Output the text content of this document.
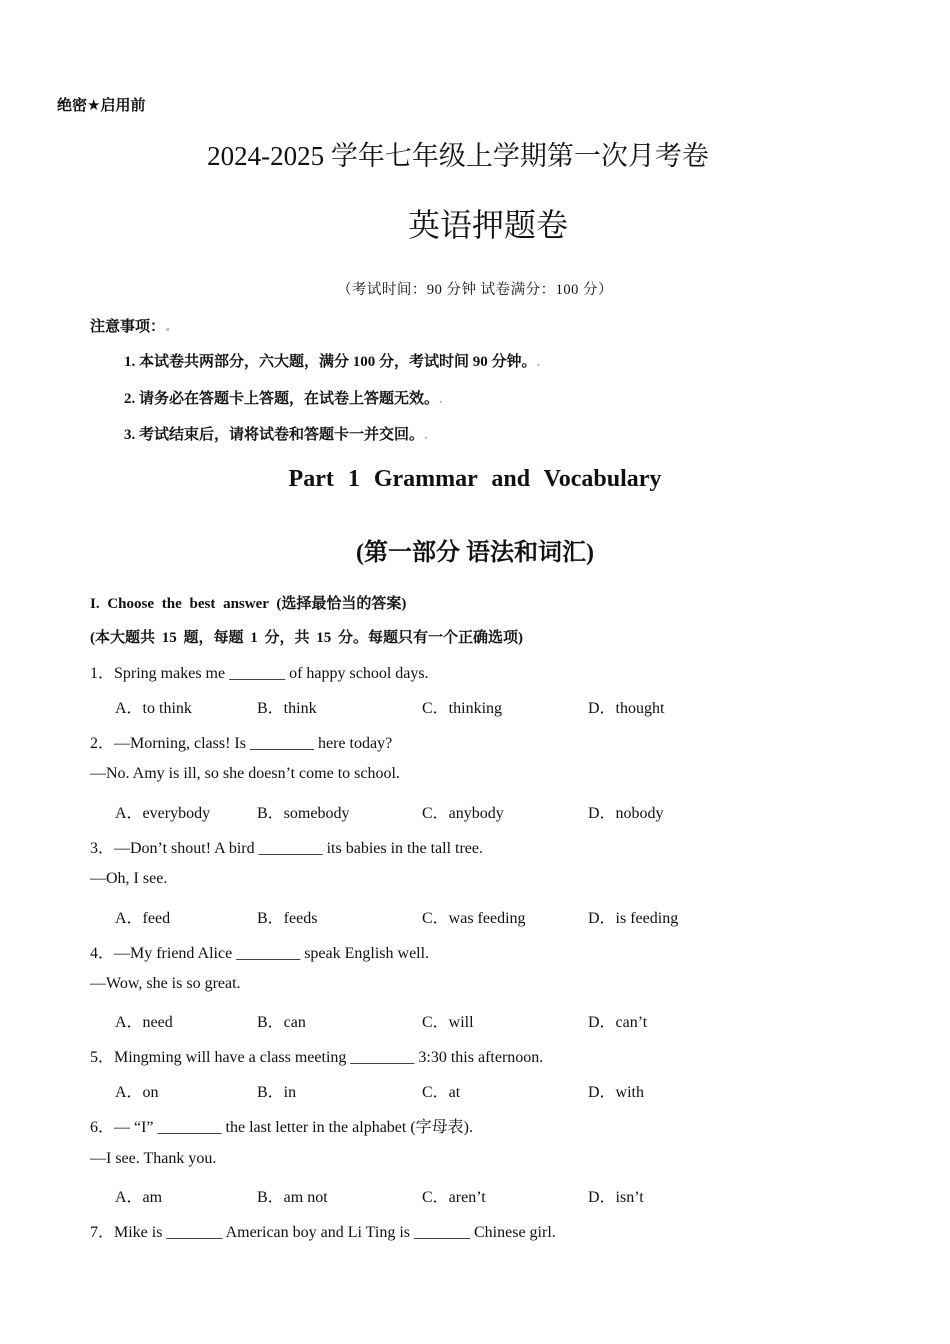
绝密★启用前
2024-2025 学年七年级上学期第一次月考卷
英语押题卷
（考试时间：90 分钟 试卷满分：100 分）
注意事项：.
1. 本试卷共两部分，六大题，满分 100 分，考试时间 90 分钟。.
2. 请务必在答题卡上答题，在试卷上答题无效。.
3. 考试结束后，请将试卷和答题卡一并交回。.
Part 1 Grammar and Vocabulary
(第一部分 语法和词汇)
I. Choose the best answer (选择最恰当的答案)
(本大题共 15 题，每题 1 分，共 15 分。每题只有一个正确选项)
1．Spring makes me _______ of happy school days.
A．to think	B．think	C．thinking	D．thought
2．—Morning, class! Is ________ here today?
—No. Amy is ill, so she doesn’t come to school.
A．everybody	B．somebody	C．anybody	D．nobody
3．—Don’t shout! A bird ________ its babies in the tall tree.
—Oh, I see.
A．feed	B．feeds	C．was feeding	D．is feeding
4．—My friend Alice ________ speak English well.
—Wow, she is so great.
A．need	B．can	C．will	D．can’t
5．Mingming will have a class meeting ________ 3:30 this afternoon.
A．on	B．in	C．at	D．with
6．— “I” ________ the last letter in the alphabet (字母表).
—I see. Thank you.
A．am	B．am not	C．aren’t	D．isn’t
7．Mike is _______ American boy and Li Ting is _______ Chinese girl.
